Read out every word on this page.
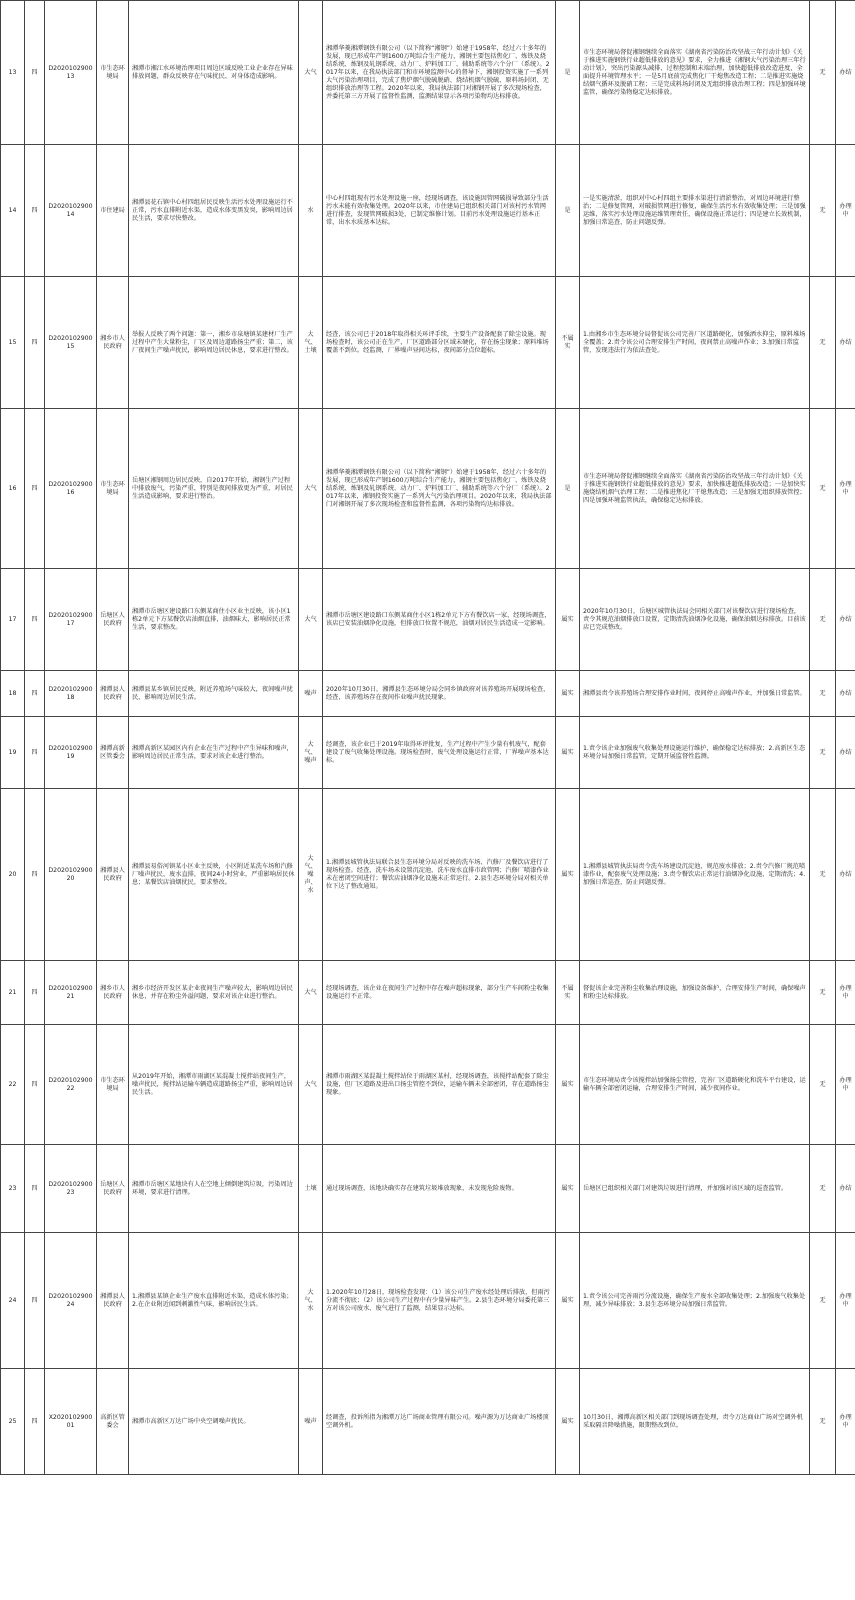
13	四	D202010290013	市生态环境局	湘潭市湘江水环境治理项目周边区域反映工业企业存在异味排放问题，群众反映存在气味扰民、对身体造成影响。	大气	湘潭华菱湘潭钢铁有限公司（以下简称“湘钢”）始建于1958年，经过六十多年的发展，现已形成年产钢1600万吨综合生产能力，湘钢主要包括焦化厂、炼铁及烧结系统、炼钢及轧钢系统、动力厂、炉料加工厂、辅助系统等六个分厂（系统）。2017年以来，在我局执法部门和市环境监测中心的督导下，湘钢投资实施了一系列大气污染治理项目，完成了焦炉烟气脱硫脱硝、烧结机烟气脱硫、原料场封闭、无组织排放治理等工程。2020年以来，我局执法部门对湘钢开展了多次现场检查，并委托第三方开展了监督性监测，监测结果显示各项污染物均达标排放。	是	市生态环境局督促湘钢继续全面落实《湖南省污染防治攻坚战三年行动计划》《关于推进实施钢铁行业超低排放的意见》要求，全力推进《湘钢大气污染治理三年行动计划》，突出污染源头减排、过程控制和末端治理，加快超低排放改造进度，全面提升环境管理水平；一是5月底前完成焦化厂干熄焦改造工程；二是推进实施烧结烟气循环及脱硝工程；三是完成料场封闭及无组织排放治理工程；四是加强环境监管，确保污染物稳定达标排放。	无	办结
14	四	D202010290014	市住建局	湘潭县花石镇中心村四组居民反映生活污水处理设施运行不正常，污水直排附近水渠，造成水体变黑发臭，影响周边居民生活，要求尽快整改。	水	中心村四组现有污水处理设施一座，经现场调查，该设施因管网破损导致部分生活污水未能有效收集处理。2020年以来，市住建局已组织相关部门对该村污水管网进行排查，发现管网破损3处，已制定维修计划。目前污水处理设施运行基本正常，出水水质基本达标。	是	一是实施清淤，组织对中心村四组主要排水渠进行清淤整治，对周边环境进行整治；二是修复管网，对破损管网进行修复，确保生活污水有效收集处理；三是加强运维，落实污水处理设施运维管理责任，确保设施正常运行；四是建立长效机制，加强日常巡查，防止问题反弹。	无	办理中
15	四	D202010290015	湘乡市人民政府	举报人反映了两个问题：第一，湘乡市泉塘镇某建材厂生产过程中产生大量粉尘，厂区及周边道路扬尘严重；第二，该厂夜间生产噪声扰民，影响周边居民休息，要求进行整改。	大气、土壤	经查，该公司已于2018年取得相关环评手续，主要生产设备配套了除尘设施。现场检查时，该公司正在生产，厂区道路部分区域未硬化，存在扬尘现象；原料堆场覆盖不到位。经监测，厂界噪声昼间达标，夜间部分点位超标。	不属实	1.由湘乡市生态环境分局督促该公司完善厂区道路硬化，加强洒水抑尘，原料堆场全覆盖；2.责令该公司合理安排生产时间，夜间禁止高噪声作业；3.加强日常监管，发现违法行为依法查处。	无	办结
16	四	D202010290016	市生态环境局	岳塘区湘钢周边居民反映，自2017年开始，湘钢生产过程中排放废气，污染严重，特别是夜间排放更为严重，对居民生活造成影响，要求进行整治。	大气	湘潭华菱湘潭钢铁有限公司（以下简称“湘钢”）始建于1958年，经过六十多年的发展，现已形成年产钢1600万吨综合生产能力，湘钢主要包括焦化厂、炼铁及烧结系统、炼钢及轧钢系统、动力厂、炉料加工厂、辅助系统等六个分厂（系统）。2017年以来，湘钢投资实施了一系列大气污染治理项目。2020年以来，我局执法部门对湘钢开展了多次现场检查和监督性监测，各项污染物均达标排放。	是	市生态环境局督促湘钢继续全面落实《湖南省污染防治攻坚战三年行动计划》《关于推进实施钢铁行业超低排放的意见》要求，加快推进超低排放改造；一是加快实施烧结机烟气治理工程；二是推进焦化厂干熄焦改造；三是加强无组织排放管控；四是加强环境监管执法，确保稳定达标排放。	无	办理中
17	四	D202010290017	岳塘区人民政府	湘潭市岳塘区建设路口东侧某商住小区业主反映，该小区1栋2单元下方某餐饮店油烟直排，油烟味大，影响居民正常生活，要求整改。	大气	湘潭市岳塘区建设路口东侧某商住小区1栋2单元下方有餐饮店一家，经现场调查，该店已安装油烟净化设施，但排放口位置不规范，油烟对居民生活造成一定影响。	属实	2020年10月30日，岳塘区城管执法局会同相关部门对该餐饮店进行现场检查，责令其规范油烟排放口设置，定期清洗油烟净化设施，确保油烟达标排放。目前该店已完成整改。	无	办结
18	四	D202010290018	湘潭县人民政府	湘潭县某乡镇居民反映，附近养殖场气味较大，夜间噪声扰民，影响周边居民生活。	噪声	2020年10月30日，湘潭县生态环境分局会同乡镇政府对该养殖场开展现场检查，经查，该养殖场存在夜间作业噪声扰民现象。	属实	湘潭县责令该养殖场合理安排作业时间，夜间停止高噪声作业，并加强日常监管。	无	办结
19	四	D202010290019	湘潭高新区管委会	湘潭高新区某园区内有企业在生产过程中产生异味和噪声，影响周边居民正常生活，要求对该企业进行整治。	大气、噪声	经调查，该企业已于2019年取得环评批复，生产过程中产生少量有机废气，配套建设了废气收集处理设施。现场检查时，废气处理设施运行正常，厂界噪声基本达标。	属实	1.责令该企业加强废气收集处理设施运行维护，确保稳定达标排放；2.高新区生态环境分局加强日常监管，定期开展监督性监测。	无	办结
20	四	D202010290020	湘潭县人民政府	湘潭县易俗河镇某小区业主反映，小区附近某洗车场和汽修厂噪声扰民、废水直排，夜间24小时营业，严重影响居民休息；某餐饮店油烟扰民，要求整改。	大气、噪声、水	1.湘潭县城管执法局联合县生态环境分局对反映的洗车场、汽修厂及餐饮店进行了现场检查。经查，洗车场未设置沉淀池，洗车废水直排市政管网；汽修厂喷漆作业未在密闭空间进行；餐饮店油烟净化设施未正常运行。2.县生态环境分局对相关单位下达了整改通知。	属实	1.湘潭县城管执法局责令洗车场建设沉淀池，规范废水排放；2.责令汽修厂规范喷漆作业，配套废气处理设施；3.责令餐饮店正常运行油烟净化设施，定期清洗；4.加强日常巡查，防止问题反弹。	无	办结
21	四	D202010290021	湘乡市人民政府	湘乡市经济开发区某企业夜间生产噪声较大，影响周边居民休息，并存在粉尘外溢问题，要求对该企业进行整治。	大气	经现场调查，该企业在夜间生产过程中存在噪声超标现象，部分生产车间粉尘收集设施运行不正常。	不属实	督促该企业完善粉尘收集治理设施，加强设备维护，合理安排生产时间，确保噪声和粉尘达标排放。	无	办理中
22	四	D202010290022	市生态环境局	从2019年开始，湘潭市雨湖区某混凝土搅拌站夜间生产，噪声扰民，搅拌站运输车辆造成道路扬尘严重，影响周边居民生活。	大气	湘潭市雨湖区某混凝土搅拌站位于雨湖区某村，经现场调查，该搅拌站配套了除尘设施，但厂区道路及进出口扬尘管控不到位，运输车辆未全部密闭，存在道路扬尘现象。	属实	市生态环境局责令该搅拌站加强扬尘管控，完善厂区道路硬化和洗车平台建设，运输车辆全部密闭运输，合理安排生产时间，减少夜间作业。	无	办理中
23	四	D202010290023	岳塘区人民政府	湘潭市岳塘区某地块有人在空地上倾倒建筑垃圾，污染周边环境，要求进行清理。	土壤	通过现场调查，该地块确实存在建筑垃圾堆放现象，未发现危险废物。	属实	岳塘区已组织相关部门对建筑垃圾进行清理，并加强对该区域的巡查监管。	无	办结
24	四	D202010290024	湘潭县人民政府	1.湘潭县某镇企业生产废水直排附近水渠，造成水体污染；2.在企业附近闻到刺激性气味，影响居民生活。	大气、水	1.2020年10月28日，现场检查发现：（1）该公司生产废水经处理后排放，但雨污分流不彻底；（2）该公司生产过程中有少量异味产生。2.县生态环境分局委托第三方对该公司废水、废气进行了监测，结果显示达标。	属实	1.责令该公司完善雨污分流设施，确保生产废水全部收集处理；2.加强废气收集处理，减少异味排放；3.县生态环境分局加强日常监管。	无	办理中
25	四	X202010290001	高新区管委会	湘潭市高新区万达广场中央空调噪声扰民。	噪声	经调查，投诉所指为湘潭万达广场商业管理有限公司。噪声源为万达商业广场楼顶空调外机。	属实	10月30日，湘潭高新区相关部门到现场调查处理，责令万达商业广场对空调外机采取隔音降噪措施，限期整改到位。	无	办理中
